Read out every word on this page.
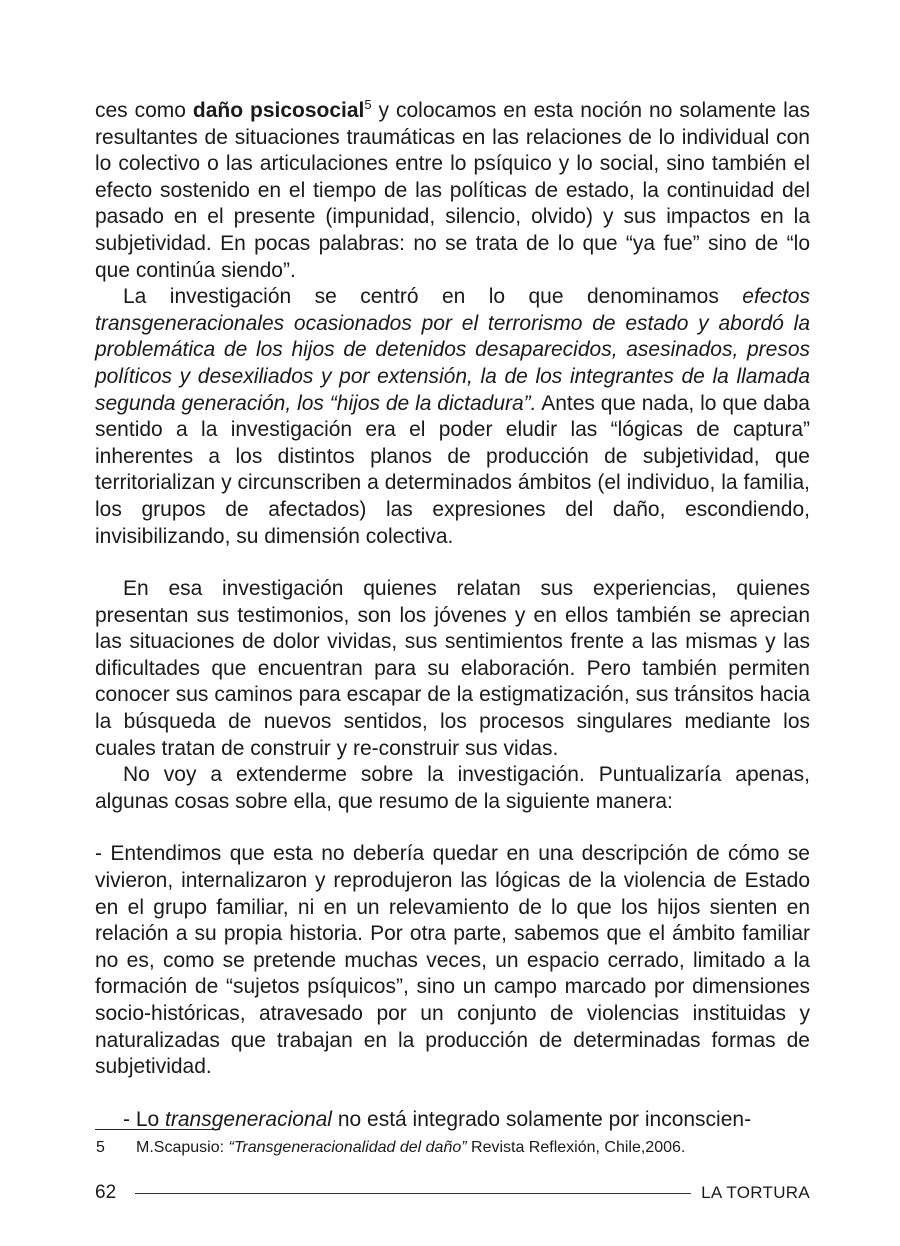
ces como daño psicosocial$^5$ y colocamos en esta noción no solamente las resultantes de situaciones traumáticas en las relaciones de lo individual con lo colectivo o las articulaciones entre lo psíquico y lo social, sino también el efecto sostenido en el tiempo de las políticas de estado, la continuidad del pasado en el presente (impunidad, silencio, olvido) y sus impactos en la subjetividad. En pocas palabras: no se trata de lo que “ya fue” sino de “lo que continúa siendo”.

La investigación se centró en lo que denominamos efectos transgeneracionales ocasionados por el terrorismo de estado y abordó la problemática de los hijos de detenidos desaparecidos, asesinados, presos políticos y desexiliados y por extensión, la de los integrantes de la llamada segunda generación, los “hijos de la dictadura”. Antes que nada, lo que daba sentido a la investigación era el poder eludir las “lógicas de captura” inherentes a los distintos planos de producción de subjetividad, que territorializan y circunscriben a determinados ámbitos (el individuo, la familia, los grupos de afectados) las expresiones del daño, escondiendo, invisibilizando, su dimensión colectiva.

En esa investigación quienes relatan sus experiencias, quienes presentan sus testimonios, son los jóvenes y en ellos también se aprecian las situaciones de dolor vividas, sus sentimientos frente a las mismas y las dificultades que encuentran para su elaboración. Pero también permiten conocer sus caminos para escapar de la estigmatización, sus tránsitos hacia la búsqueda de nuevos sentidos, los procesos singulares mediante los cuales tratan de construir y re-construir sus vidas.

No voy a extenderme sobre la investigación. Puntualizaría apenas, algunas cosas sobre ella, que resumo de la siguiente manera:

- Entendimos que esta no debería quedar en una descripción de cómo se vivieron, internalizaron y reprodujeron las lógicas de la violencia de Estado en el grupo familiar, ni en un relevamiento de lo que los hijos sienten en relación a su propia historia. Por otra parte, sabemos que el ámbito familiar no es, como se pretende muchas veces, un espacio cerrado, limitado a la formación de “sujetos psíquicos”, sino un campo marcado por dimensiones socio-históricas, atravesado por un conjunto de violencias instituidas y naturalizadas que trabajan en la producción de determinadas formas de subjetividad.

- Lo transgeneracional no está integrado solamente por inconscien-

5 M.Scapusio: “Transgeneracionalidad del daño” Revista Reflexión, Chile,2006.
62	LA TORTURA
